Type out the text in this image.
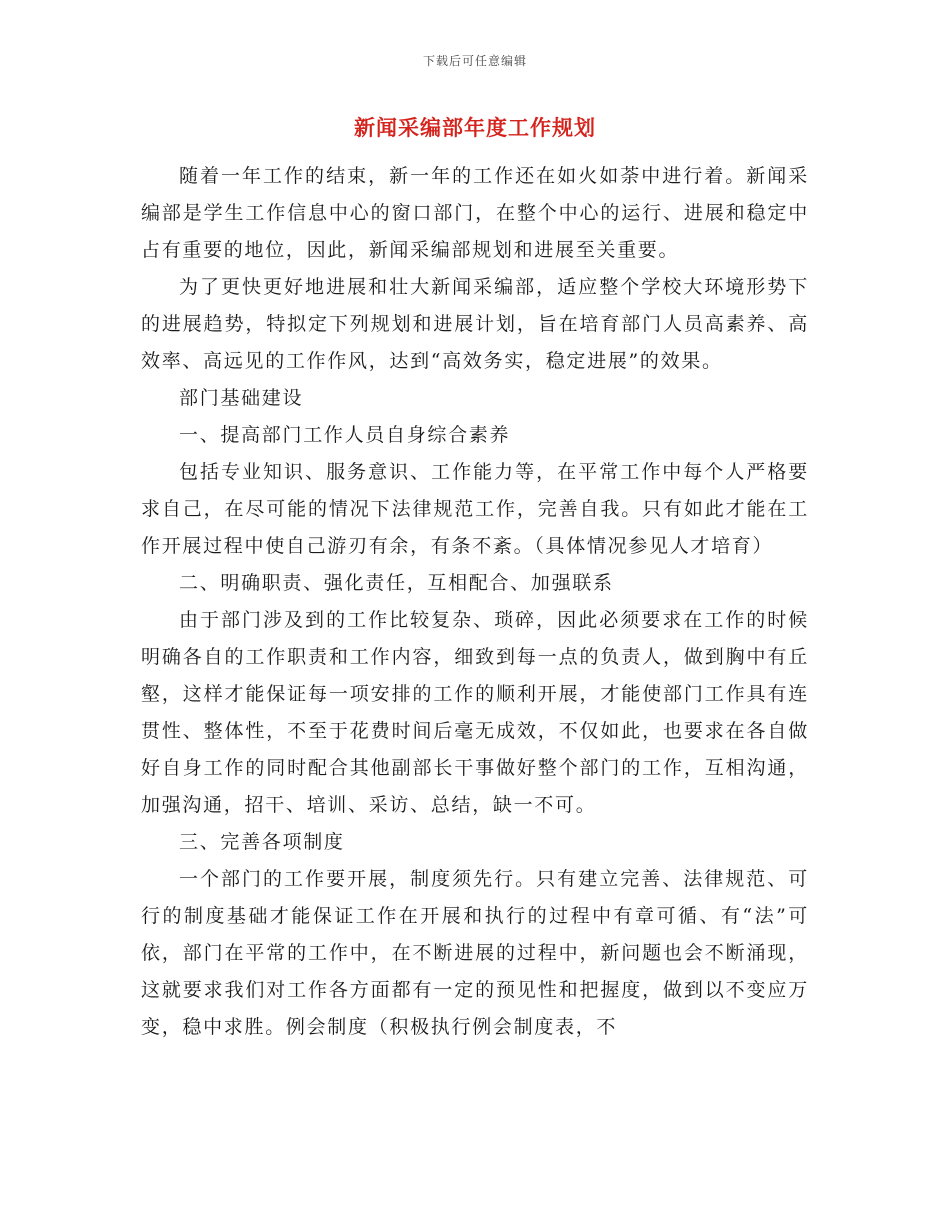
下载后可任意编辑
新闻采编部年度工作规划

随着一年工作的结束，新一年的工作还在如火如荼中进行着。新闻采编部是学生工作信息中心的窗口部门，在整个中心的运行、进展和稳定中占有重要的地位，因此，新闻采编部规划和进展至关重要。

为了更快更好地进展和壮大新闻采编部，适应整个学校大环境形势下的进展趋势，特拟定下列规划和进展计划，旨在培育部门人员高素养、高效率、高远见的工作作风，达到“高效务实，稳定进展”的效果。

部门基础建设

一、提高部门工作人员自身综合素养

包括专业知识、服务意识、工作能力等，在平常工作中每个人严格要求自己，在尽可能的情况下法律规范工作，完善自我。只有如此才能在工作开展过程中使自己游刃有余，有条不紊。（具体情况参见人才培育）

二、明确职责、强化责任，互相配合、加强联系

由于部门涉及到的工作比较复杂、琐碎，因此必须要求在工作的时候明确各自的工作职责和工作内容，细致到每一点的负责人，做到胸中有丘壑，这样才能保证每一项安排的工作的顺利开展，才能使部门工作具有连贯性、整体性，不至于花费时间后毫无成效，不仅如此，也要求在各自做好自身工作的同时配合其他副部长干事做好整个部门的工作，互相沟通，加强沟通，招干、培训、采访、总结，缺一不可。

三、完善各项制度

一个部门的工作要开展，制度须先行。只有建立完善、法律规范、可行的制度基础才能保证工作在开展和执行的过程中有章可循、有“法”可依，部门在平常的工作中，在不断进展的过程中，新问题也会不断涌现，这就要求我们对工作各方面都有一定的预见性和把握度，做到以不变应万变，稳中求胜。例会制度（积极执行例会制度表，不
